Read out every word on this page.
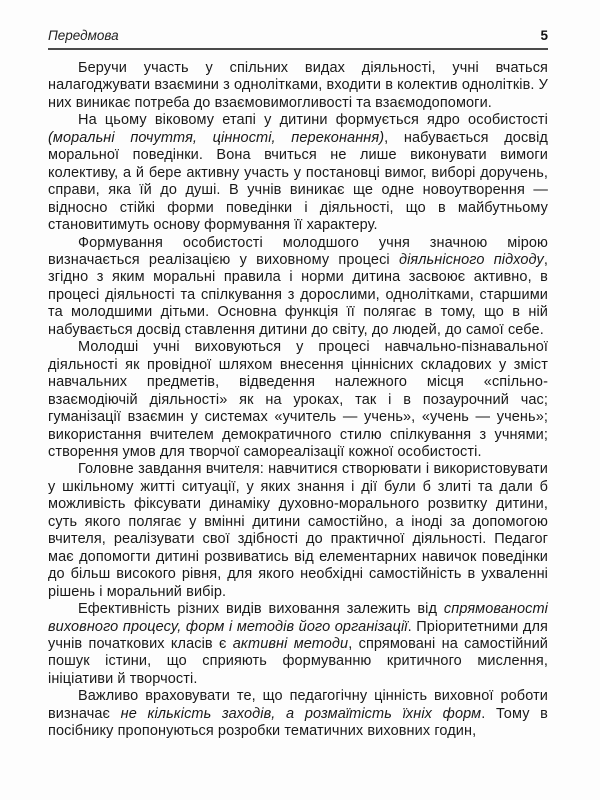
Передмова	5

Беручи участь у спільних видах діяльності, учні вчаться налагоджувати взаємини з однолітками, входити в колектив однолітків. У них виникає потреба до взаємовимогливості та взаємодопомоги.

На цьому віковому етапі у дитини формується ядро особистості (моральні почуття, цінності, переконання), набувається досвід моральної поведінки. Вона вчиться не лише виконувати вимоги колективу, а й бере активну участь у постановці вимог, виборі доручень, справи, яка їй до душі. В учнів виникає ще одне новоутворення — відносно стійкі форми поведінки і діяльності, що в майбутньому становитимуть основу формування її характеру.

Формування особистості молодшого учня значною мірою визначається реалізацією у виховному процесі діяльнісного підходу, згідно з яким моральні правила і норми дитина засвоює активно, в процесі діяльності та спілкування з дорослими, однолітками, старшими та молодшими дітьми. Основна функція її полягає в тому, що в ній набувається досвід ставлення дитини до світу, до людей, до самої себе.

Молодші учні виховуються у процесі навчально-пізнавальної діяльності як провідної шляхом внесення ціннісних складових у зміст навчальних предметів, відведення належного місця «спільно-взаємодіючій діяльності» як на уроках, так і в позаурочний час; гуманізації взаємин у системах «учитель — учень», «учень — учень»; використання вчителем демократичного стилю спілкування з учнями; створення умов для творчої самореалізації кожної особистості.

Головне завдання вчителя: навчитися створювати і використовувати у шкільному житті ситуації, у яких знання і дії були б злиті та дали б можливість фіксувати динаміку духовно-морального розвитку дитини, суть якого полягає у вмінні дитини самостійно, а іноді за допомогою вчителя, реалізувати свої здібності до практичної діяльності. Педагог має допомогти дитині розвиватись від елементарних навичок поведінки до більш високого рівня, для якого необхідні самостійність в ухваленні рішень і моральний вибір.

Ефективність різних видів виховання залежить від спрямованості виховного процесу, форм і методів його організації. Пріоритетними для учнів початкових класів є активні методи, спрямовані на самостійний пошук істини, що сприяють формуванню критичного мислення, ініціативи й творчості.

Важливо враховувати те, що педагогічну цінність виховної роботи визначає не кількість заходів, а розмаїтість їхніх форм. Тому в посібнику пропонуються розробки тематичних виховних годин,
